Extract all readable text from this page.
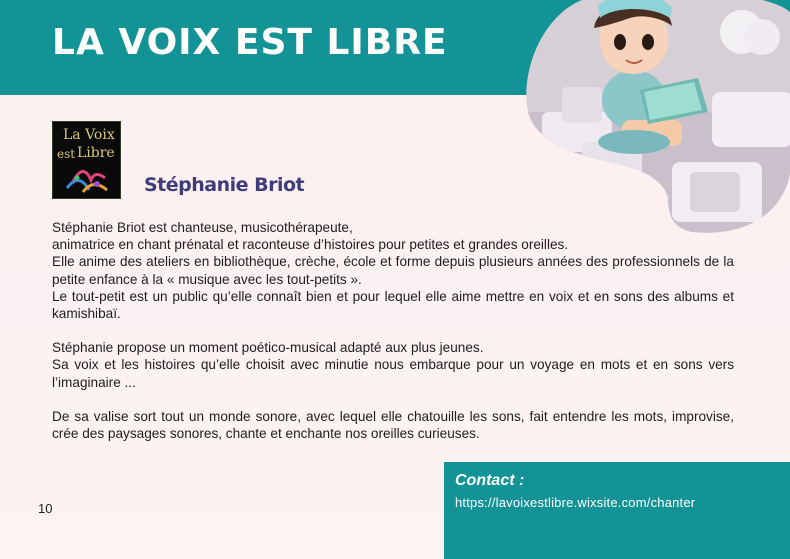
LA VOIX EST LIBRE
La Voix
est Libre
Stéphanie Briot

Stéphanie Briot est chanteuse, musicothérapeute,
animatrice en chant prénatal et raconteuse d’histoires pour petites et grandes oreilles.
Elle anime des ateliers en bibliothèque, crèche, école et forme depuis plusieurs années des professionnels de la petite enfance à la « musique avec les tout-petits ».
Le tout-petit est un public qu’elle connaît bien et pour lequel elle aime mettre en voix et en sons des albums et kamishibaï.

Stéphanie propose un moment poético-musical adapté aux plus jeunes.
Sa voix et les histoires qu’elle choisit avec minutie nous embarque pour un voyage en mots et en sons vers l’imaginaire ...

De sa valise sort tout un monde sonore, avec lequel elle chatouille les sons, fait entendre les mots, improvise, crée des paysages sonores, chante et enchante nos oreilles curieuses.

10

Contact :

https://lavoixestlibre.wixsite.com/chanter
